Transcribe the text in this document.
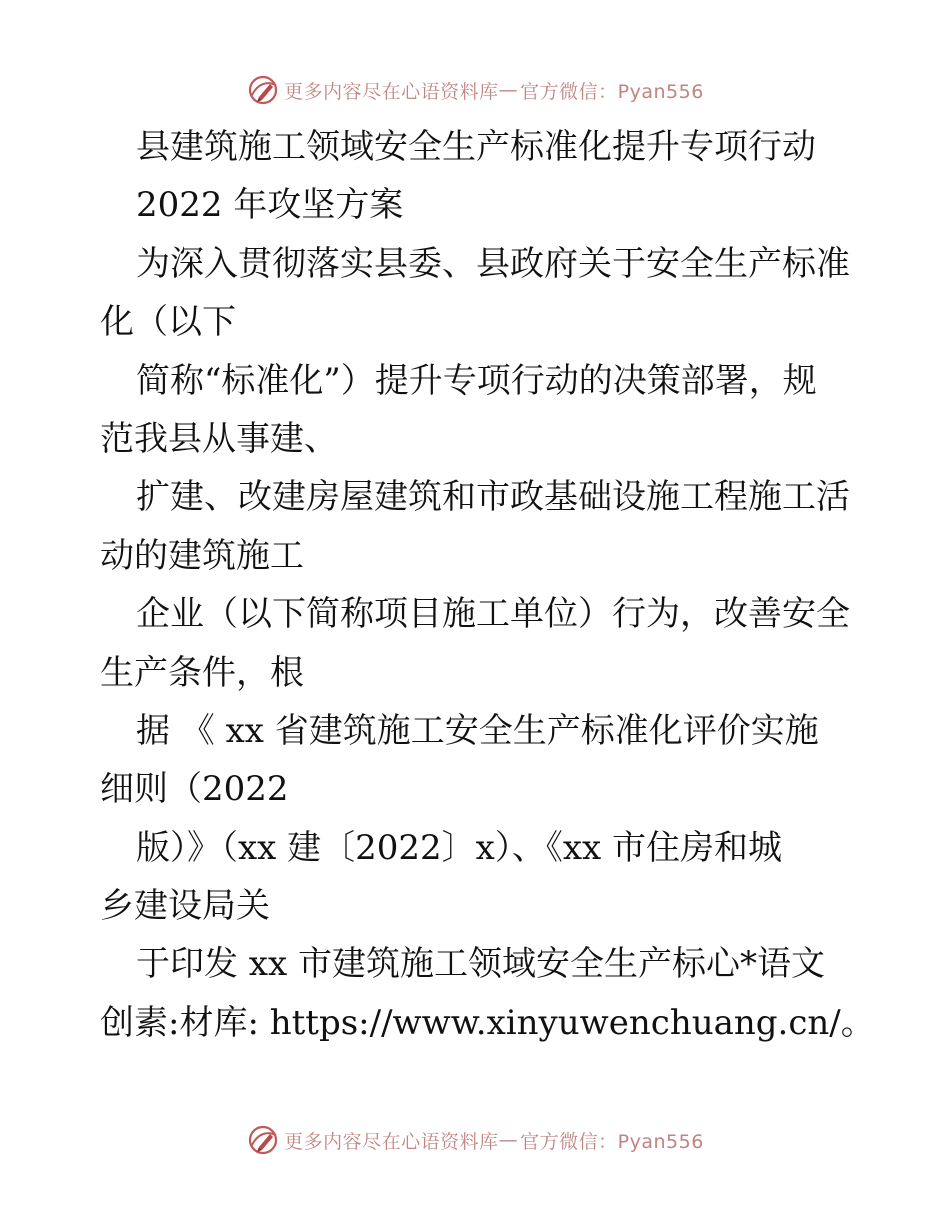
更多内容尽在心语资料库 — 官方微信：Pyan556
县建筑施工领域安全生产标准化提升专项行动
2022 年攻坚方案
为深入贯彻落实县委、县政府关于安全生产标准
化（以下
简称“标准化”）提升专项行动的决策部署，规
范我县从事建、
扩建、改建房屋建筑和市政基础设施工程施工活
动的建筑施工
企业（以下简称项目施工单位）行为，改善安全
生产条件，根
据 《 xx 省建筑施工安全生产标准化评价实施
细则（2022
版）》（xx 建〔2022〕x）、《xx 市住房和城
乡建设局关
于印发 xx 市建筑施工领域安全生产标心*语文
创素:材库: https://www.xinyuwenchuang.cn/。
更多内容尽在心语资料库 — 官方微信：Pyan556
